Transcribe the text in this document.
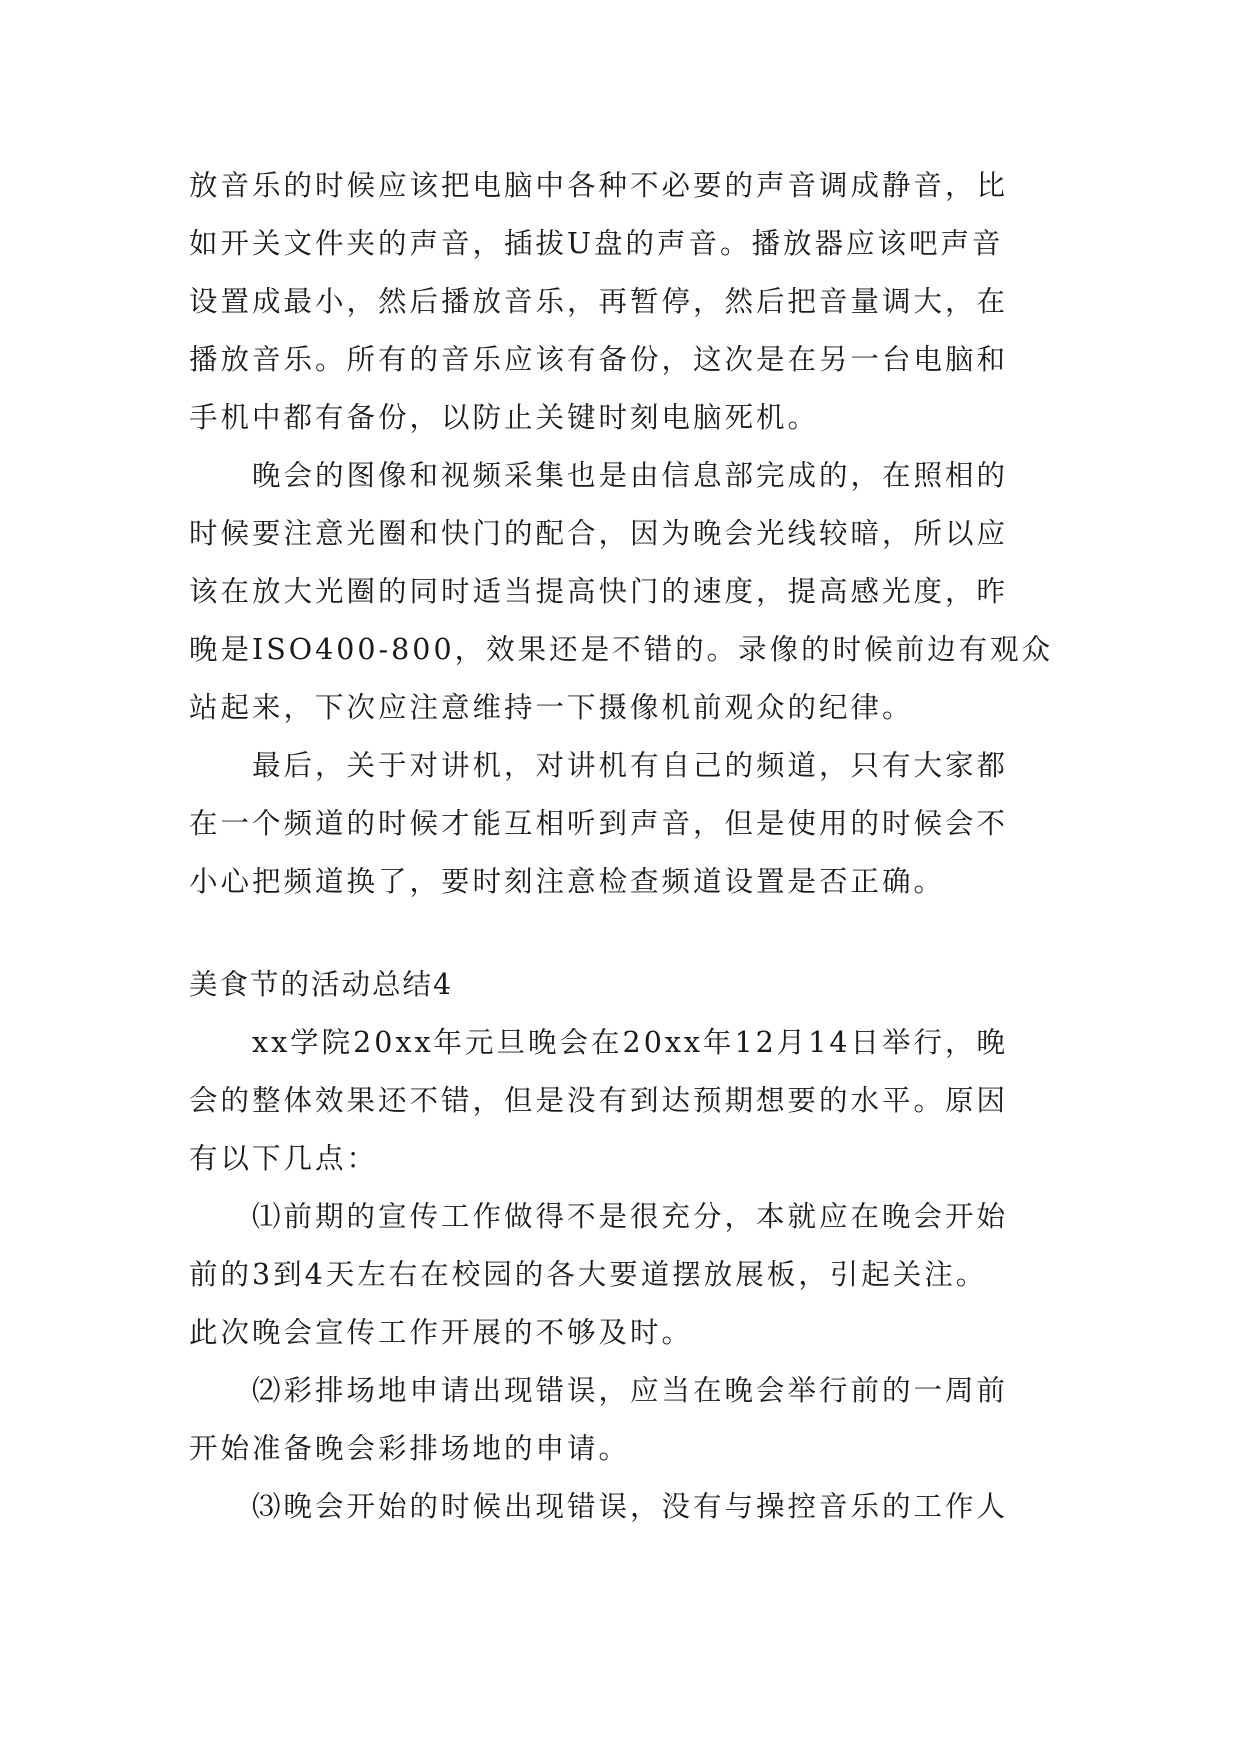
放音乐的时候应该把电脑中各种不必要的声音调成静音，比
如开关文件夹的声音，插拔U盘的声音。播放器应该吧声音
设置成最小，然后播放音乐，再暂停，然后把音量调大，在
播放音乐。所有的音乐应该有备份，这次是在另一台电脑和
手机中都有备份，以防止关键时刻电脑死机。
　　晚会的图像和视频采集也是由信息部完成的，在照相的
时候要注意光圈和快门的配合，因为晚会光线较暗，所以应
该在放大光圈的同时适当提高快门的速度，提高感光度，昨
晚是ISO400-800，效果还是不错的。录像的时候前边有观众
站起来，下次应注意维持一下摄像机前观众的纪律。
　　最后，关于对讲机，对讲机有自己的频道，只有大家都
在一个频道的时候才能互相听到声音，但是使用的时候会不
小心把频道换了，要时刻注意检查频道设置是否正确。
美食节的活动总结4
　　xx学院20xx年元旦晚会在20xx年12月14日举行，晚
会的整体效果还不错，但是没有到达预期想要的水平。原因
有以下几点：
　　⑴前期的宣传工作做得不是很充分，本就应在晚会开始
前的3到4天左右在校园的各大要道摆放展板，引起关注。
此次晚会宣传工作开展的不够及时。
　　⑵彩排场地申请出现错误，应当在晚会举行前的一周前
开始准备晚会彩排场地的申请。
　　⑶晚会开始的时候出现错误，没有与操控音乐的工作人
